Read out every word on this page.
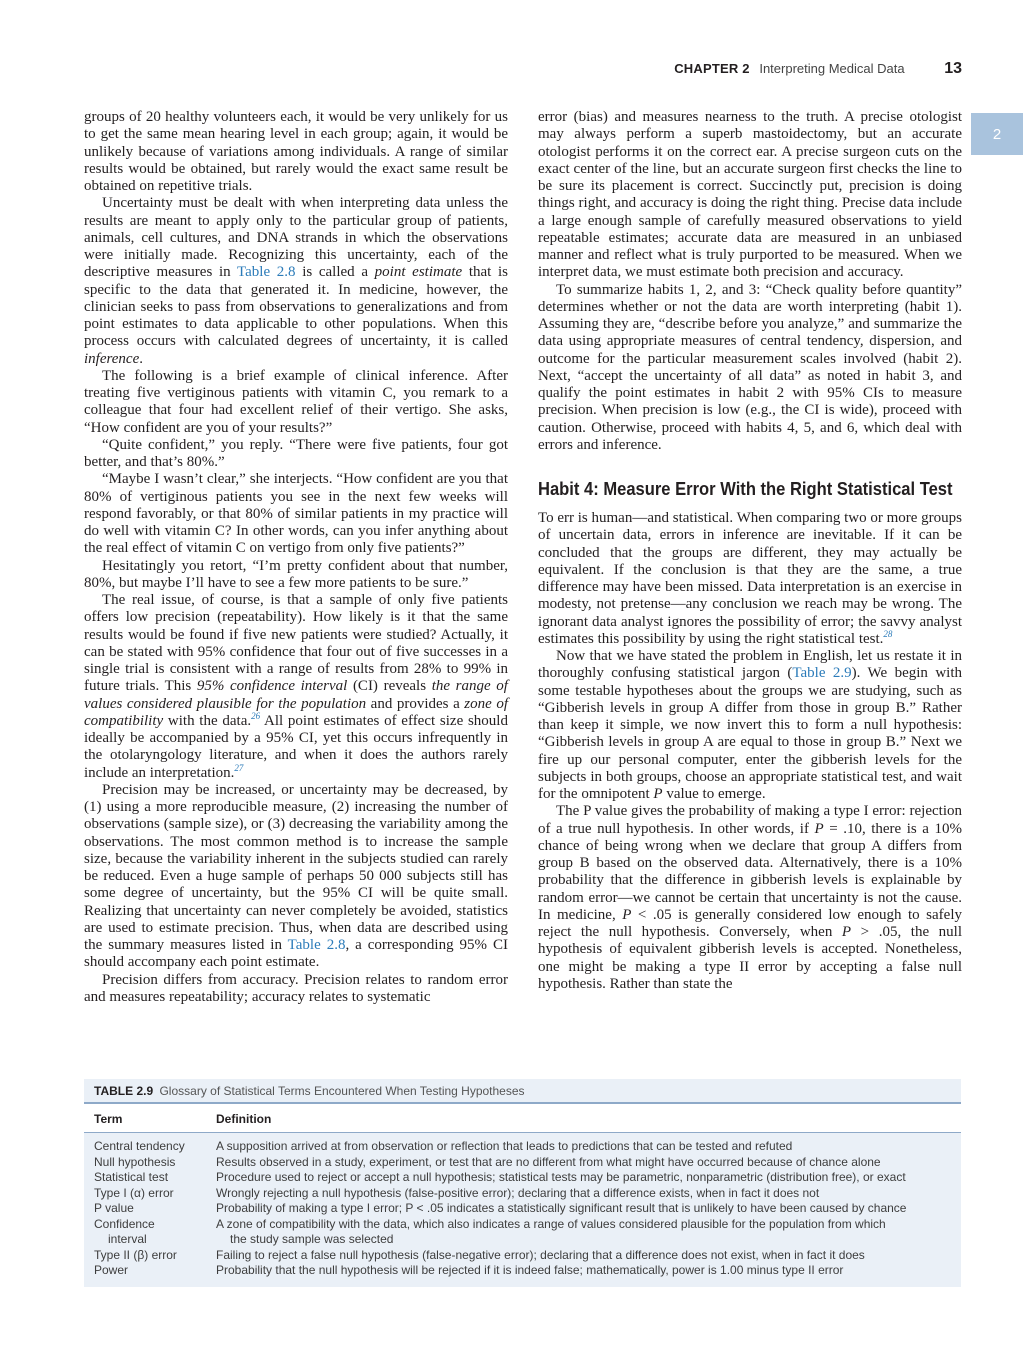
CHAPTER 2 Interpreting Medical Data 13
2

groups of 20 healthy volunteers each, it would be very unlikely for us to get the same mean hearing level in each group; again, it would be unlikely because of variations among individuals. A range of similar results would be obtained, but rarely would the exact same result be obtained on repetitive trials.

Uncertainty must be dealt with when interpreting data unless the results are meant to apply only to the particular group of patients, animals, cell cultures, and DNA strands in which the observations were initially made. Recognizing this uncertainty, each of the descriptive measures in Table 2.8 is called a point estimate that is specific to the data that generated it. In medicine, however, the clinician seeks to pass from observations to generalizations and from point estimates to data applicable to other populations. When this process occurs with calculated degrees of uncertainty, it is called inference.

The following is a brief example of clinical inference. After treating five vertiginous patients with vitamin C, you remark to a colleague that four had excellent relief of their vertigo. She asks, “How confident are you of your results?”

“Quite confident,” you reply. “There were five patients, four got better, and that’s 80%.”

“Maybe I wasn’t clear,” she interjects. “How confident are you that 80% of vertiginous patients you see in the next few weeks will respond favorably, or that 80% of similar patients in my practice will do well with vitamin C? In other words, can you infer anything about the real effect of vitamin C on vertigo from only five patients?”

Hesitatingly you retort, “I’m pretty confident about that number, 80%, but maybe I’ll have to see a few more patients to be sure.”

The real issue, of course, is that a sample of only five patients offers low precision (repeatability). How likely is it that the same results would be found if five new patients were studied? Actually, it can be stated with 95% confidence that four out of five successes in a single trial is consistent with a range of results from 28% to 99% in future trials. This 95% confidence interval (CI) reveals the range of values considered plausible for the population and provides a zone of compatibility with the data.$^{26}$ All point estimates of effect size should ideally be accompanied by a 95% CI, yet this occurs infrequently in the otolaryngology literature, and when it does the authors rarely include an interpretation.$^{27}$

Precision may be increased, or uncertainty may be decreased, by (1) using a more reproducible measure, (2) increasing the number of observations (sample size), or (3) decreasing the variability among the observations. The most common method is to increase the sample size, because the variability inherent in the subjects studied can rarely be reduced. Even a huge sample of perhaps 50 000 subjects still has some degree of uncertainty, but the 95% CI will be quite small. Realizing that uncertainty can never completely be avoided, statistics are used to estimate precision. Thus, when data are described using the summary measures listed in Table 2.8, a corresponding 95% CI should accompany each point estimate.

Precision differs from accuracy. Precision relates to random error and measures repeatability; accuracy relates to systematic

error (bias) and measures nearness to the truth. A precise otologist may always perform a superb mastoidectomy, but an accurate otologist performs it on the correct ear. A precise surgeon cuts on the exact center of the line, but an accurate surgeon first checks the line to be sure its placement is correct. Succinctly put, precision is doing things right, and accuracy is doing the right thing. Precise data include a large enough sample of carefully measured observations to yield repeatable estimates; accurate data are measured in an unbiased manner and reflect what is truly purported to be measured. When we interpret data, we must estimate both precision and accuracy.

To summarize habits 1, 2, and 3: “Check quality before quantity” determines whether or not the data are worth interpreting (habit 1). Assuming they are, “describe before you analyze,” and summarize the data using appropriate measures of central tendency, dispersion, and outcome for the particular measurement scales involved (habit 2). Next, “accept the uncertainty of all data” as noted in habit 3, and qualify the point estimates in habit 2 with 95% CIs to measure precision. When precision is low (e.g., the CI is wide), proceed with caution. Otherwise, proceed with habits 4, 5, and 6, which deal with errors and inference.

Habit 4: Measure Error With the Right Statistical Test

To err is human—and statistical. When comparing two or more groups of uncertain data, errors in inference are inevitable. If it can be concluded that the groups are different, they may actually be equivalent. If the conclusion is that they are the same, a true difference may have been missed. Data interpretation is an exercise in modesty, not pretense—any conclusion we reach may be wrong. The ignorant data analyst ignores the possibility of error; the savvy analyst estimates this possibility by using the right statistical test.$^{28}$

Now that we have stated the problem in English, let us restate it in thoroughly confusing statistical jargon (Table 2.9). We begin with some testable hypotheses about the groups we are studying, such as “Gibberish levels in group A differ from those in group B.” Rather than keep it simple, we now invert this to form a null hypothesis: “Gibberish levels in group A are equal to those in group B.” Next we fire up our personal computer, enter the gibberish levels for the subjects in both groups, choose an appropriate statistical test, and wait for the omnipotent P value to emerge.

The P value gives the probability of making a type I error: rejection of a true null hypothesis. In other words, if P = .10, there is a 10% chance of being wrong when we declare that group A differs from group B based on the observed data. Alternatively, there is a 10% probability that the difference in gibberish levels is explainable by random error—we cannot be certain that uncertainty is not the cause. In medicine, P < .05 is generally considered low enough to safely reject the null hypothesis. Conversely, when P > .05, the null hypothesis of equivalent gibberish levels is accepted. Nonetheless, one might be making a type II error by accepting a false null hypothesis. Rather than state the

TABLE 2.9 Glossary of Statistical Terms Encountered When Testing Hypotheses
Term	Definition
Central tendency	A supposition arrived at from observation or reflection that leads to predictions that can be tested and refuted
Null hypothesis	Results observed in a study, experiment, or test that are no different from what might have occurred because of chance alone
Statistical test	Procedure used to reject or accept a null hypothesis; statistical tests may be parametric, nonparametric (distribution free), or exact
Type I (α) error	Wrongly rejecting a null hypothesis (false-positive error); declaring that a difference exists, when in fact it does not
P value	Probability of making a type I error; P < .05 indicates a statistically significant result that is unlikely to have been caused by chance
Confidence	A zone of compatibility with the data, which also indicates a range of values considered plausible for the population from which
interval	the study sample was selected
Type II (β) error	Failing to reject a false null hypothesis (false-negative error); declaring that a difference does not exist, when in fact it does
Power	Probability that the null hypothesis will be rejected if it is indeed false; mathematically, power is 1.00 minus type II error
